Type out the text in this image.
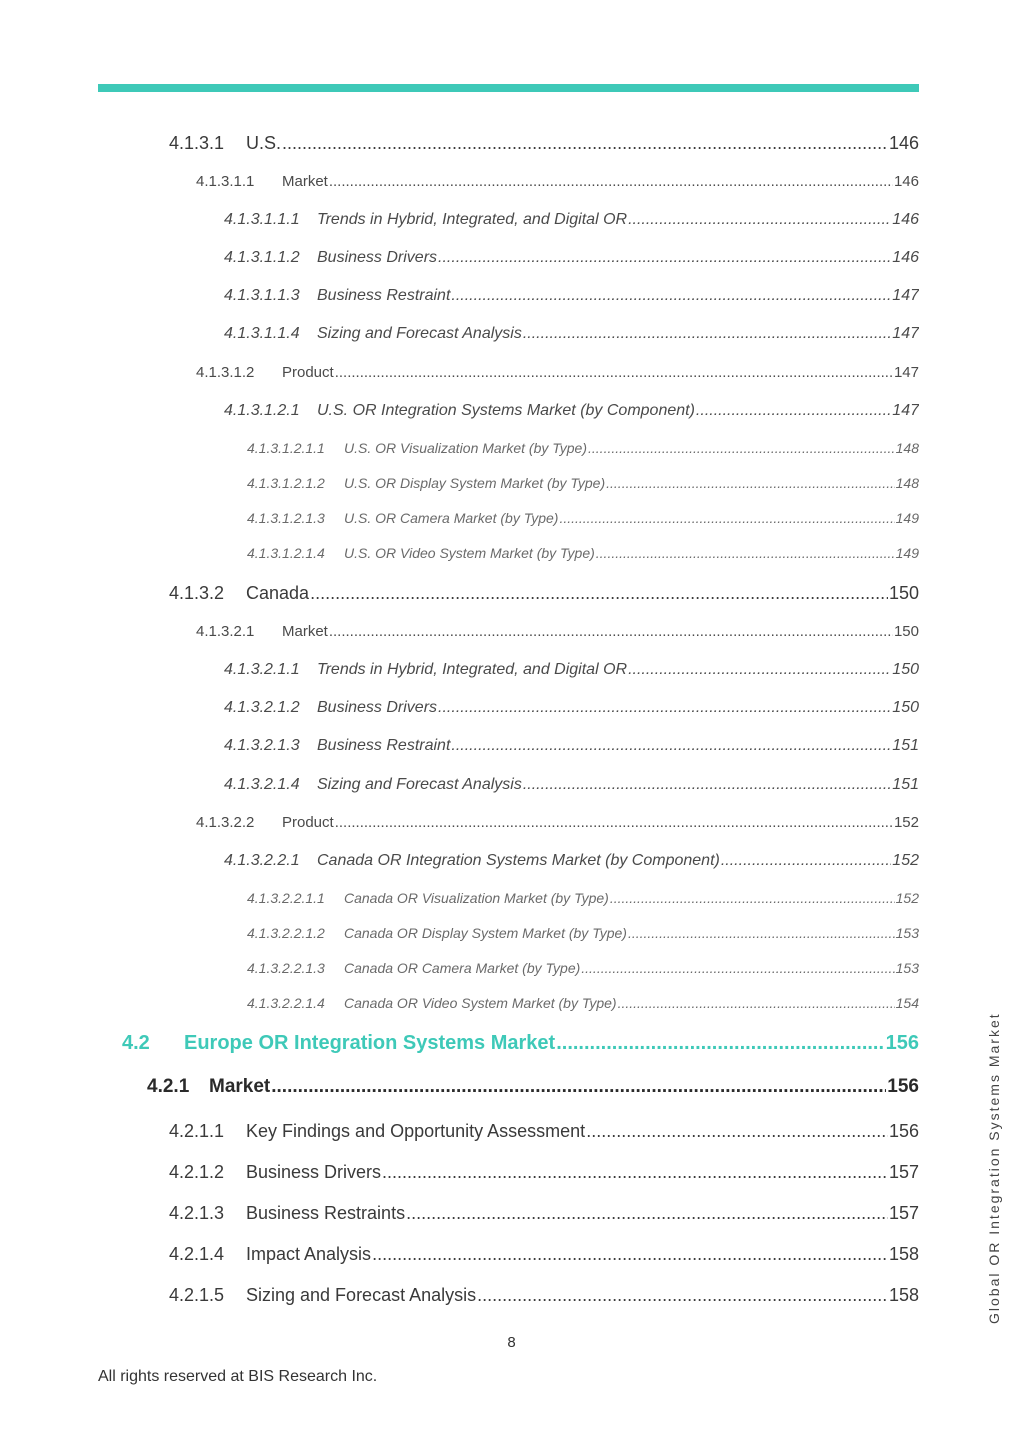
4.1.3.1	U.S. .....	146
4.1.3.1.1	Market .....	146
4.1.3.1.1.1	Trends in Hybrid, Integrated, and Digital OR .....	146
4.1.3.1.1.2	Business Drivers .....	146
4.1.3.1.1.3	Business Restraint .....	147
4.1.3.1.1.4	Sizing and Forecast Analysis .....	147
4.1.3.1.2	Product .....	147
4.1.3.1.2.1	U.S. OR Integration Systems Market (by Component) .....	147
4.1.3.1.2.1.1	U.S. OR Visualization Market (by Type) .....	148
4.1.3.1.2.1.2	U.S. OR Display System Market (by Type) .....	148
4.1.3.1.2.1.3	U.S. OR Camera Market (by Type) .....	149
4.1.3.1.2.1.4	U.S. OR Video System Market (by Type) .....	149
4.1.3.2	Canada .....	150
4.1.3.2.1	Market .....	150
4.1.3.2.1.1	Trends in Hybrid, Integrated, and Digital OR .....	150
4.1.3.2.1.2	Business Drivers .....	150
4.1.3.2.1.3	Business Restraint .....	151
4.1.3.2.1.4	Sizing and Forecast Analysis .....	151
4.1.3.2.2	Product .....	152
4.1.3.2.2.1	Canada OR Integration Systems Market (by Component) .....	152
4.1.3.2.2.1.1	Canada OR Visualization Market (by Type) .....	152
4.1.3.2.2.1.2	Canada OR Display System Market (by Type) .....	153
4.1.3.2.2.1.3	Canada OR Camera Market (by Type) .....	153
4.1.3.2.2.1.4	Canada OR Video System Market (by Type) .....	154
4.2	Europe OR Integration Systems Market .....	156
4.2.1	Market .....	156
4.2.1.1	Key Findings and Opportunity Assessment .....	156
4.2.1.2	Business Drivers .....	157
4.2.1.3	Business Restraints .....	157
4.2.1.4	Impact Analysis .....	158
4.2.1.5	Sizing and Forecast Analysis .....	158	Global OR Integration Systems Market
8
All rights reserved at BIS Research Inc.
